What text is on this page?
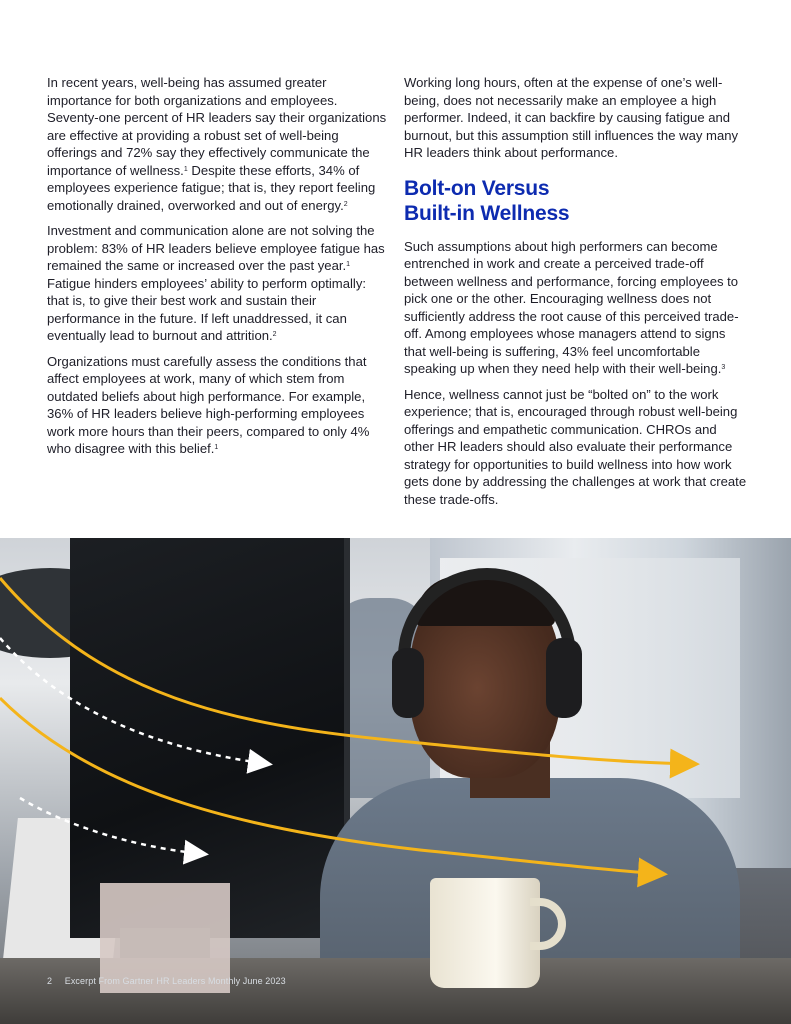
In recent years, well-being has assumed greater importance for both organizations and employees. Seventy-one percent of HR leaders say their organizations are effective at providing a robust set of well-being offerings and 72% say they effectively communicate the importance of wellness.$^1$ Despite these efforts, 34% of employees experience fatigue; that is, they report feeling emotionally drained, overworked and out of energy.$^2$

Investment and communication alone are not solving the problem: 83% of HR leaders believe employee fatigue has remained the same or increased over the past year.$^1$ Fatigue hinders employees’ ability to perform optimally: that is, to give their best work and sustain their performance in the future. If left unaddressed, it can eventually lead to burnout and attrition.$^2$

Organizations must carefully assess the conditions that affect employees at work, many of which stem from outdated beliefs about high performance. For example, 36% of HR leaders believe high-performing employees work more hours than their peers, compared to only 4% who disagree with this belief.$^1$

Working long hours, often at the expense of one’s well-being, does not necessarily make an employee a high performer. Indeed, it can backfire by causing fatigue and burnout, but this assumption still influences the way many HR leaders think about performance.

Bolt-on Versus
Built-in Wellness

Such assumptions about high performers can become entrenched in work and create a perceived trade-off between wellness and performance, forcing employees to pick one or the other. Encouraging wellness does not sufficiently address the root cause of this perceived trade-off. Among employees whose managers attend to signs that well-being is suffering, 43% feel uncomfortable speaking up when they need help with their well-being.$^3$

Hence, wellness cannot just be “bolted on” to the work experience; that is, encouraged through robust well-being offerings and empathetic communication. CHROs and other HR leaders should also evaluate their performance strategy for opportunities to build wellness into how work gets done by addressing the challenges at work that create these trade-offs.

2 Excerpt From Gartner HR Leaders Monthly June 2023
